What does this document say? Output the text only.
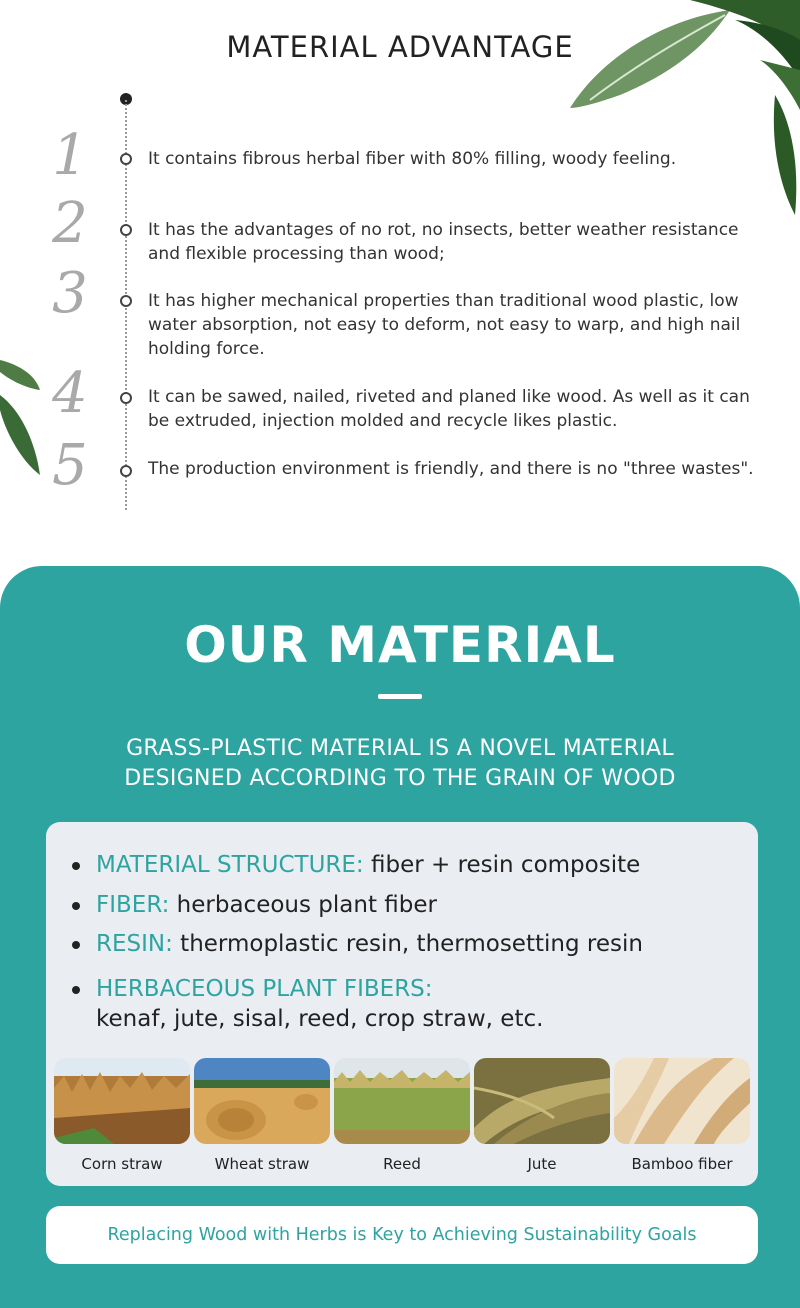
MATERIAL ADVANTAGE
1	It contains fibrous herbal fiber with 80% filling, woody feeling.
2	It has the advantages of no rot, no insects, better weather resistance and flexible processing than wood;
3	It has higher mechanical properties than traditional wood plastic, low water absorption, not easy to deform, not easy to warp, and high nail holding force.
4	It can be sawed, nailed, riveted and planed like wood. As well as it can be extruded, injection molded and recycle likes plastic.
5	The production environment is friendly, and there is no "three wastes".
OUR MATERIAL
GRASS-PLASTIC MATERIAL IS A NOVEL MATERIAL
DESIGNED ACCORDING TO THE GRAIN OF WOOD
MATERIAL STRUCTURE: fiber + resin composite
FIBER: herbaceous plant fiber
RESIN: thermoplastic resin, thermosetting resin
HERBACEOUS PLANT FIBERS:
kenaf, jute, sisal, reed, crop straw, etc.
Corn straw	Wheat straw	Reed	Jute	Bamboo fiber
Replacing Wood with Herbs is Key to Achieving Sustainability Goals
